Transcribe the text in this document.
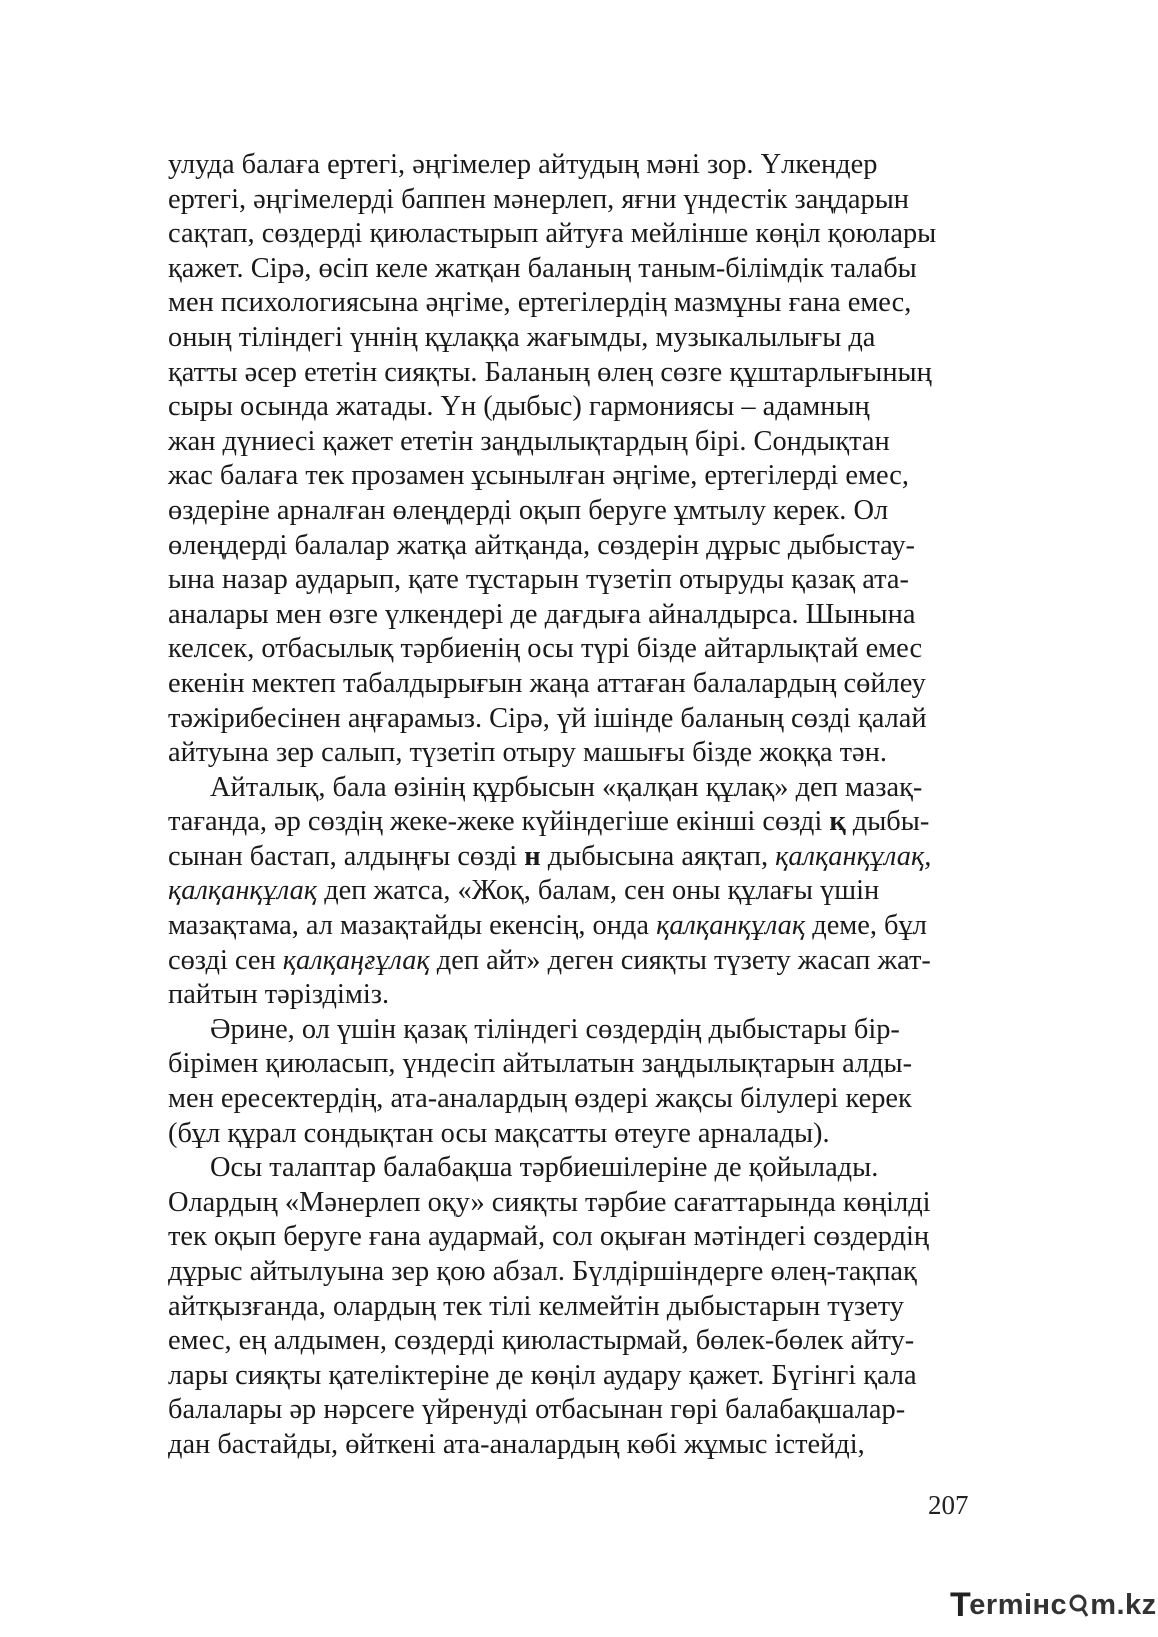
улуда балаға ертегі, әңгімелер айтудың мәні зор. Үлкендер
ертегі, әңгімелерді баппен мәнерлеп, яғни үндестік заңдарын
сақтап, сөздерді қиюластырып айтуға мейлінше көңіл қоюлары
қажет. Сірә, өсіп келе жатқан баланың таным-білімдік талабы
мен психологиясына әңгіме, ертегілердің мазмұны ғана емес,
оның тіліндегі үннің құлаққа жағымды, музыкалылығы да
қатты әсер ететін сияқты. Баланың өлең сөзге құштарлығының
сыры осында жатады. Үн (дыбыс) гармониясы – адамның
жан дүниесі қажет ететін заңдылықтардың бірі. Сондықтан
жас балаға тек прозамен ұсынылған әңгіме, ертегілерді емес,
өздеріне арналған өлеңдерді оқып беруге ұмтылу керек. Ол
өлеңдерді балалар жатқа айтқанда, сөздерін дұрыс дыбыстау-
ына назар аударып, қате тұстарын түзетіп отыруды қазақ ата-
аналары мен өзге үлкендері де дағдыға айналдырса. Шынына
келсек, отбасылық тәрбиенің осы түрі бізде айтарлықтай емес
екенін мектеп табалдырығын жаңа аттаған балалардың сөйлеу
тәжірибесінен аңғарамыз. Сірә, үй ішінде баланың сөзді қалай
айтуына зер салып, түзетіп отыру машығы бізде жоққа тән.
Айталық, бала өзінің құрбысын «қалқан құлақ» деп мазақ-
тағанда, әр сөздің жеке-жеке күйіндегіше екінші сөзді қ дыбы-
сынан бастап, алдыңғы сөзді н дыбысына аяқтап, қалқанқұлақ,
қалқанқұлақ деп жатса, «Жоқ, балам, сен оны құлағы үшін
мазақтама, ал мазақтайды екенсің, онда қалқанқұлақ деме, бұл
сөзді сен қалқаңғұлақ деп айт» деген сияқты түзету жасап жат-
пайтын тәріздіміз.
Әрине, ол үшін қазақ тіліндегі сөздердің дыбыстары бір-
бірімен қиюласып, үндесіп айтылатын заңдылықтарын алды-
мен ересектердің, ата-аналардың өздері жақсы білулері керек
(бұл құрал сондықтан осы мақсатты өтеуге арналады).
Осы талаптар балабақша тәрбиешілеріне де қойылады.
Олардың «Мәнерлеп оқу» сияқты тәрбие сағаттарында көңілді
тек оқып беруге ғана аудармай, сол оқыған мәтіндегі сөздердің
дұрыс айтылуына зер қою абзал. Бүлдіршіндерге өлең-тақпақ
айтқызғанда, олардың тек тілі келмейтін дыбыстарын түзету
емес, ең алдымен, сөздерді қиюластырмай, бөлек-бөлек айту-
лары сияқты қателіктеріне де көңіл аудару қажет. Бүгінгі қала
балалары әр нәрсеге үйренуді отбасынан гөрі балабақшалар-
дан бастайды, өйткені ата-аналардың көбі жұмыс істейді,
207
T
ermінс m.kz
